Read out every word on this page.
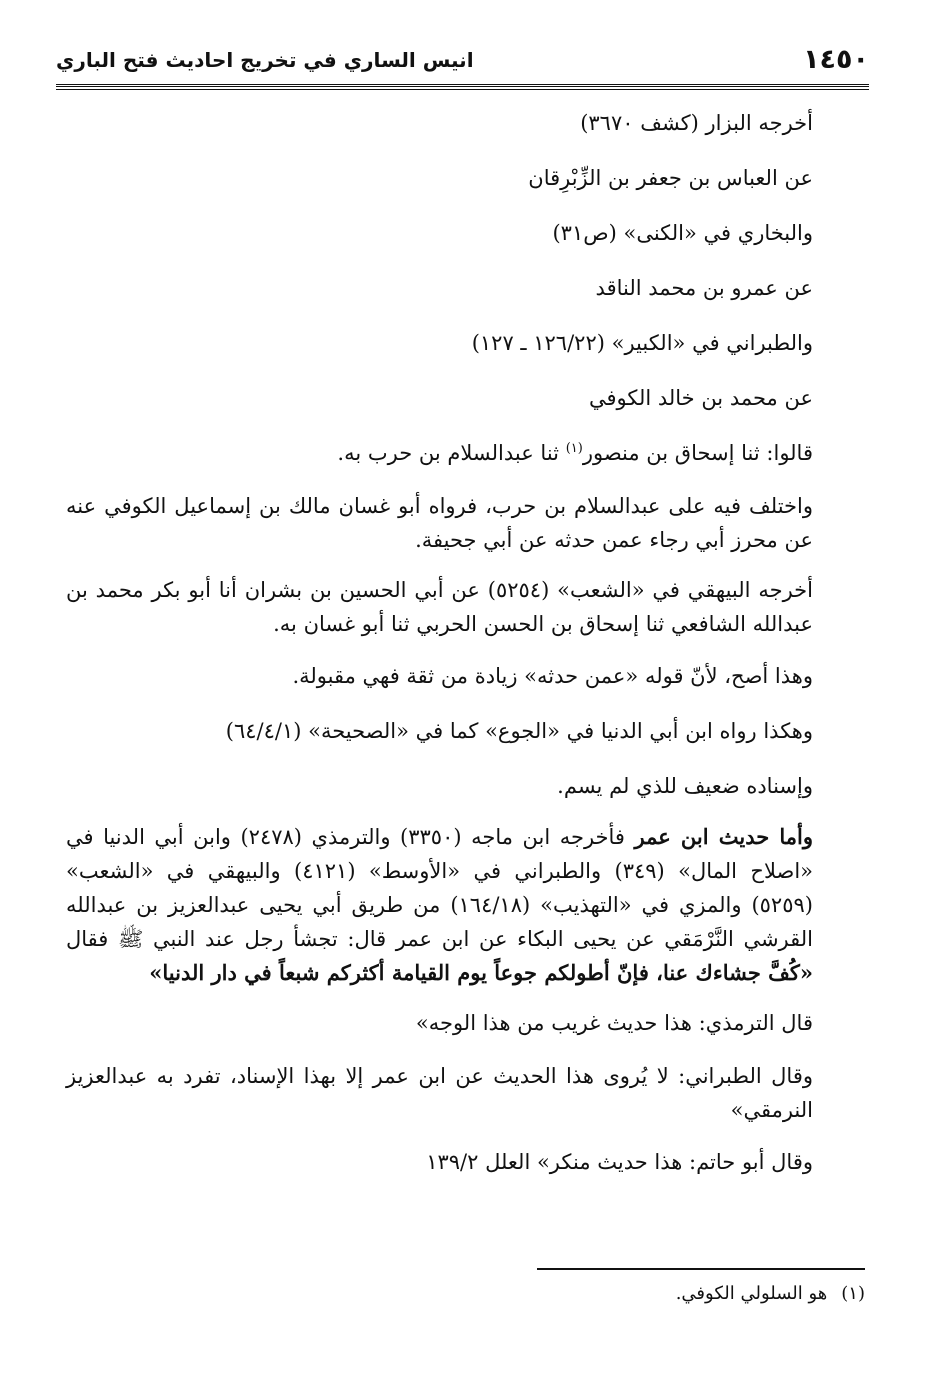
١٤٥٠
انيس الساري في تخريج احاديث فتح الباري

أخرجه البزار (كشف ٣٦٧٠)

عن العباس بن جعفر بن الزِّبْرِقان

والبخاري في «الكنى» (ص٣١)

عن عمرو بن محمد الناقد

والطبراني في «الكبير» (١٢٦/٢٢ ـ ١٢٧)

عن محمد بن خالد الكوفي

قالوا: ثنا إسحاق بن منصور$^{(١)}$ ثنا عبدالسلام بن حرب به.

واختلف فيه على عبدالسلام بن حرب، فرواه أبو غسان مالك بن إسماعيل الكوفي عنه عن محرز أبي رجاء عمن حدثه عن أبي جحيفة.

أخرجه البيهقي في «الشعب» (٥٢٥٤) عن أبي الحسين بن بشران أنا أبو بكر محمد بن عبدالله الشافعي ثنا إسحاق بن الحسن الحربي ثنا أبو غسان به.

وهذا أصح، لأنّ قوله «عمن حدثه» زيادة من ثقة فهي مقبولة.

وهكذا رواه ابن أبي الدنيا في «الجوع» كما في «الصحيحة» (٦٤/٤/١)

وإسناده ضعيف للذي لم يسم.

وأما حديث ابن عمر فأخرجه ابن ماجه (٣٣٥٠) والترمذي (٢٤٧٨) وابن أبي الدنيا في «اصلاح المال» (٣٤٩) والطبراني في «الأوسط» (٤١٢١) والبيهقي في «الشعب» (٥٢٥٩) والمزي في «التهذيب» (١٦٤/١٨) من طريق أبي يحيى عبدالعزيز بن عبدالله القرشي النَّرْمَقي عن يحيى البكاء عن ابن عمر قال: تجشأ رجل عند النبي ﷺ فقال «كُفَّ جشاءك عنا، فإنّ أطولكم جوعاً يوم القيامة أكثركم شبعاً في دار الدنيا»

قال الترمذي: هذا حديث غريب من هذا الوجه»

وقال الطبراني: لا يُروى هذا الحديث عن ابن عمر إلا بهذا الإسناد، تفرد به عبدالعزيز النرمقي»

وقال أبو حاتم: هذا حديث منكر» العلل ١٣٩/٢

(١)هو السلولي الكوفي.
